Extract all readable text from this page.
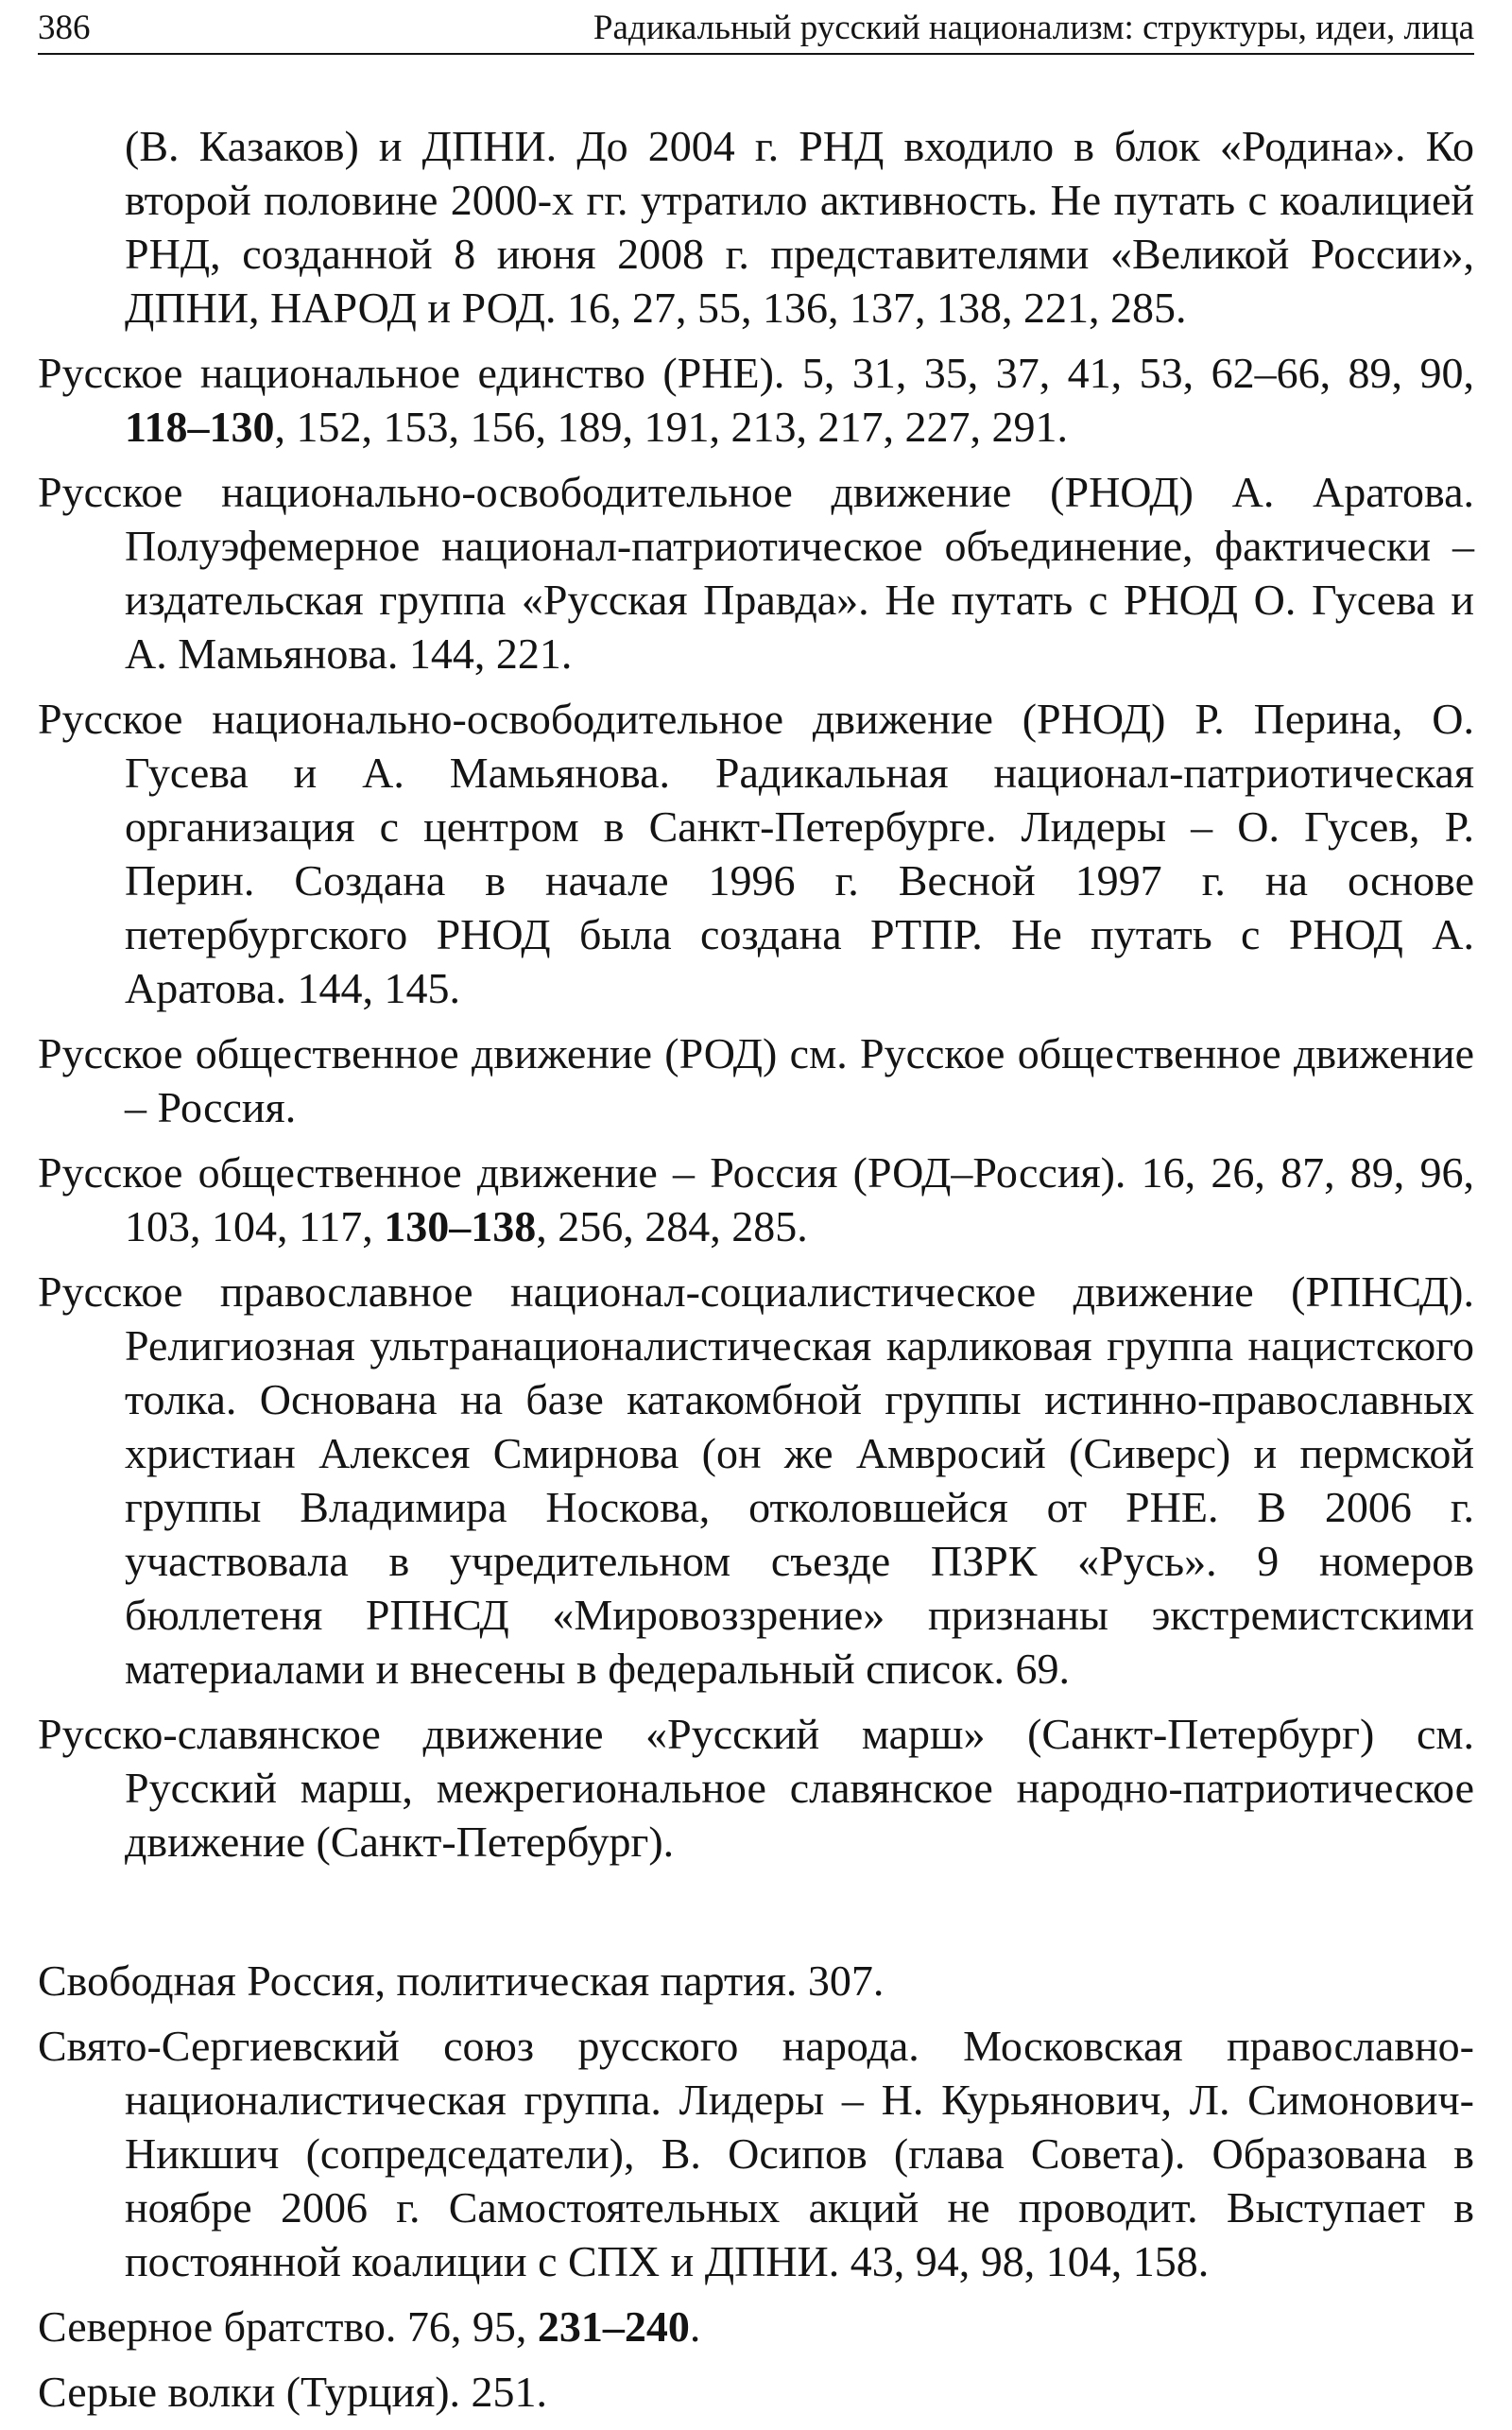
386	Радикальный русский национализм: структуры, идеи, лица

(В. Казаков) и ДПНИ. До 2004 г. РНД входило в блок «Родина». Ко второй половине 2000-х гг. утратило активность. Не путать с коалицией РНД, созданной 8 июня 2008 г. представителями «Великой России», ДПНИ, НАРОД и РОД. 16, 27, 55, 136, 137, 138, 221, 285.

Русское национальное единство (РНЕ). 5, 31, 35, 37, 41, 53, 62–66, 89, 90, 118–130, 152, 153, 156, 189, 191, 213, 217, 227, 291.

Русское национально-освободительное движение (РНОД) А. Аратова. Полуэфемерное национал-патриотическое объединение, фактически – издательская группа «Русская Правда». Не путать с РНОД О. Гусева и А. Мамьянова. 144, 221.

Русское национально-освободительное движение (РНОД) Р. Перина, О. Гусева и А. Мамьянова. Радикальная национал-патриотическая организация с центром в Санкт-Петербурге. Лидеры – О. Гусев, Р. Перин. Создана в начале 1996 г. Весной 1997 г. на основе петербургского РНОД была создана РТПР. Не путать с РНОД А. Аратова. 144, 145.

Русское общественное движение (РОД) см. Русское общественное движение – Россия.

Русское общественное движение – Россия (РОД–Россия). 16, 26, 87, 89, 96, 103, 104, 117, 130–138, 256, 284, 285.

Русское православное национал-социалистическое движение (РПНСД). Религиозная ультранационалистическая карликовая группа нацистского толка. Основана на базе катакомбной группы истинно-православных христиан Алексея Смирнова (он же Амвросий (Сиверс) и пермской группы Владимира Носкова, отколовшейся от РНЕ. В 2006 г. участвовала в учредительном съезде ПЗРК «Русь». 9 номеров бюллетеня РПНСД «Мировоззрение» признаны экстремистскими материалами и внесены в федеральный список. 69.

Русско-славянское движение «Русский марш» (Санкт-Петербург) см. Русский марш, межрегиональное славянское народно-патриотическое движение (Санкт-Петербург).

Свободная Россия, политическая партия. 307.

Свято-Сергиевский союз русского народа. Московская православно-националистическая группа. Лидеры – Н. Курьянович, Л. Симонович-Никшич (сопредседатели), В. Осипов (глава Совета). Образована в ноябре 2006 г. Самостоятельных акций не проводит. Выступает в постоянной коалиции с СПХ и ДПНИ. 43, 94, 98, 104, 158.

Северное братство. 76, 95, 231–240.

Серые волки (Турция). 251.
